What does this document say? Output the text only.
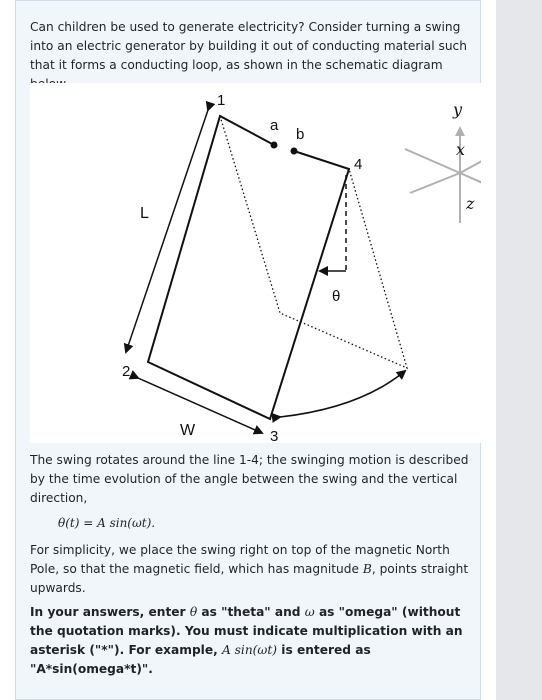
Can children be used to generate electricity? Consider turning a swing into an electric generator by building it out of conducting material such that it forms a conducting loop, as shown in the schematic diagram

1
2
3
4
a
b
L
W
θ
y
x
z

The swing rotates around the line 1-4; the swinging motion is described by the time evolution of the angle between the swing and the vertical direction,

θ(t) = A sin(ωt).

For simplicity, we place the swing right on top of the magnetic North Pole, so that the magnetic field, which has magnitude B, points straight upwards.

In your answers, enter θ as "theta" and ω as "omega" (without the quotation marks). You must indicate multiplication with an asterisk ("*"). For example, A sin(ωt) is entered as "A*sin(omega*t)".
